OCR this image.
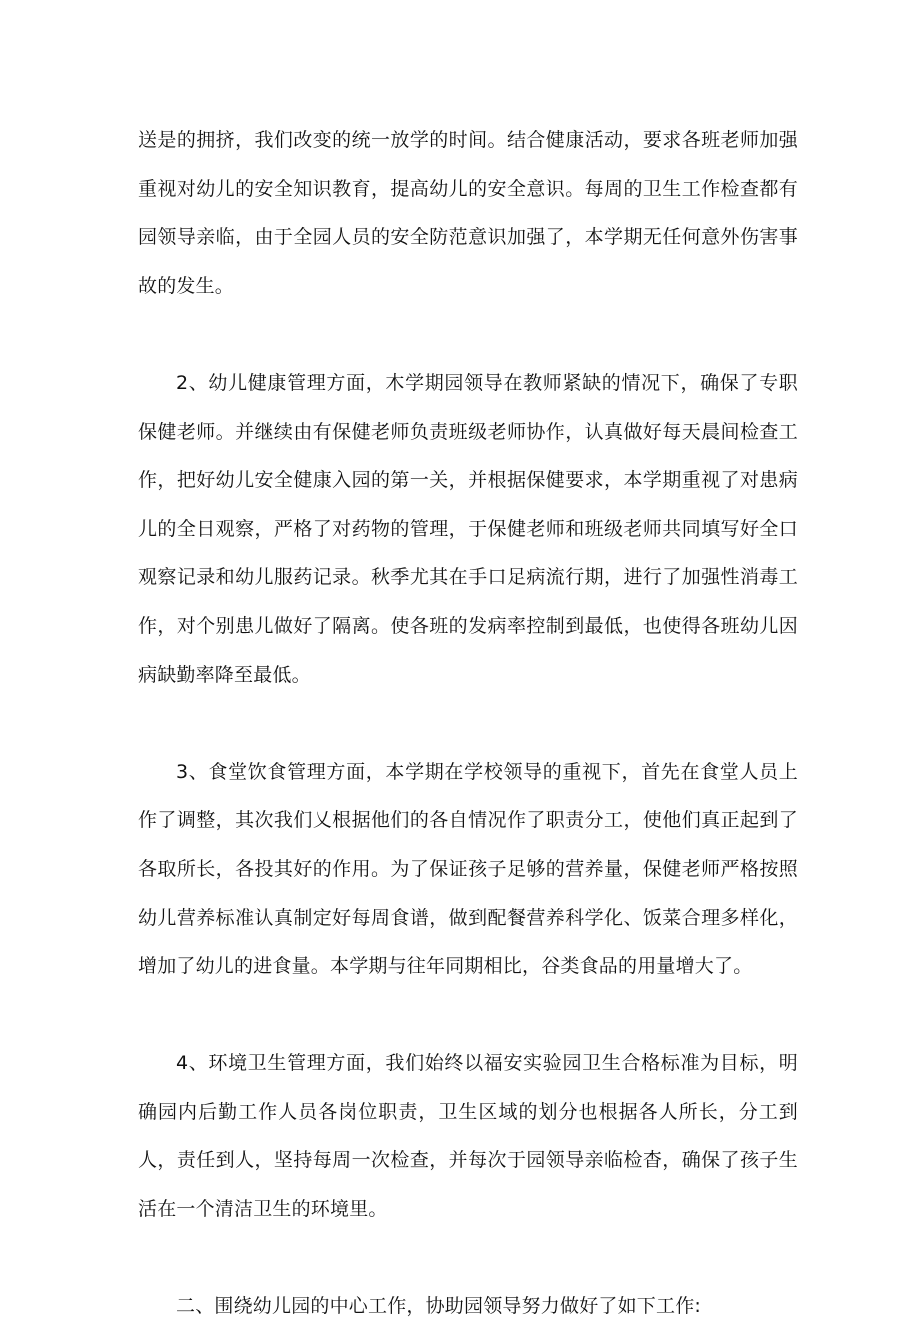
送是的拥挤，我们改变的统一放学的时间。结合健康活动，要求各班老师加强重视对幼儿的安全知识教育，提高幼儿的安全意识。每周的卫生工作检查都有园领导亲临，由于全园人员的安全防范意识加强了，本学期无任何意外伤害事故的发生。

2、幼儿健康管理方面，木学期园领导在教师紧缺的情况下，确保了专职保健老师。并继续由有保健老师负责班级老师协作，认真做好每天晨间检查工作，把好幼儿安全健康入园的第一关，并根据保健要求，本学期重视了对患病儿的全日观察，严格了对药物的管理，于保健老师和班级老师共同填写好全口观察记录和幼儿服药记录。秋季尤其在手口足病流行期，进行了加强性消毒工作，对个别患儿做好了隔离。使各班的发病率控制到最低，也使得各班幼儿因病缺勤率降至最低。

3、食堂饮食管理方面，本学期在学校领导的重视下，首先在食堂人员上作了调整，其次我们乂根据他们的各自情况作了职责分工，使他们真正起到了各取所长，各投其好的作用。为了保证孩子足够的营养量，保健老师严格按照幼儿营养标准认真制定好每周食谱，做到配餐营养科学化、饭菜合理多样化，增加了幼儿的进食量。本学期与往年同期相比，谷类食品的用量增大了。

4、环境卫生管理方面，我们始终以福安实验园卫生合格标准为目标，明确园内后勤工作人员各岗位职责，卫生区域的划分也根据各人所长，分工到人，责任到人，坚持每周一次检查，并每次于园领导亲临检杳，确保了孩子生活在一个清洁卫生的环境里。

二、围绕幼儿园的中心工作，协助园领导努力做好了如下工作:
